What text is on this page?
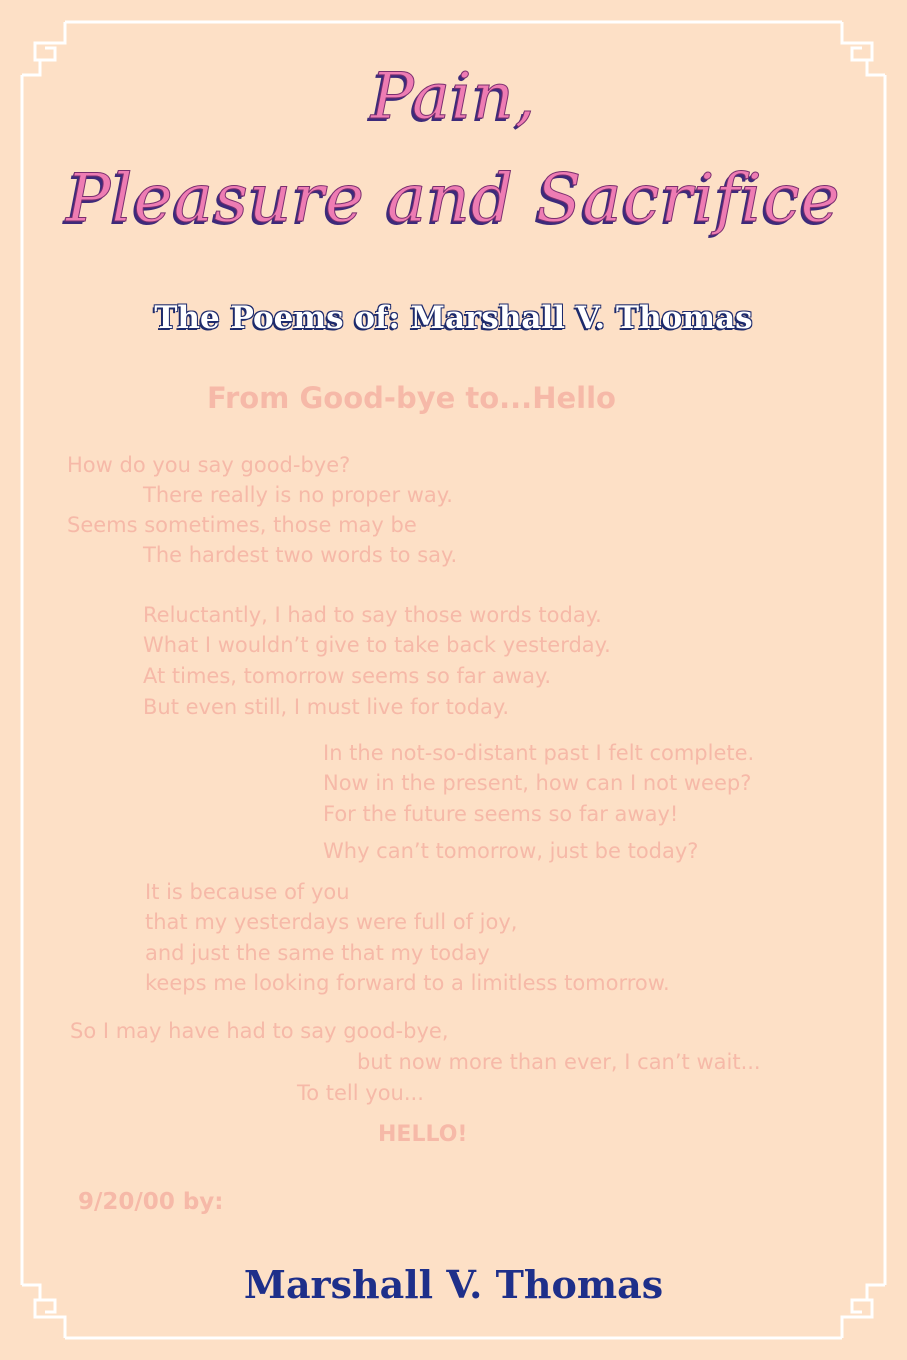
Pain,
Pleasure and Sacrifice
The Poems of: Marshall V. Thomas
From Good-bye to...Hello
How do you say good-bye?
There really is no proper way.
Seems sometimes, those may be
The hardest two words to say.
Reluctantly, I had to say those words today.
What I wouldn’t give to take back yesterday.
At times, tomorrow seems so far away.
But even still, I must live for today.
In the not-so-distant past I felt complete.
Now in the present, how can I not weep?
For the future seems so far away!
Why can’t tomorrow, just be today?
It is because of you
that my yesterdays were full of joy,
and just the same that my today
keeps me looking forward to a limitless tomorrow.
So I may have had to say good-bye,
but now more than ever, I can’t wait...
To tell you...
HELLO!
9/20/00 by:
Marshall V. Thomas
